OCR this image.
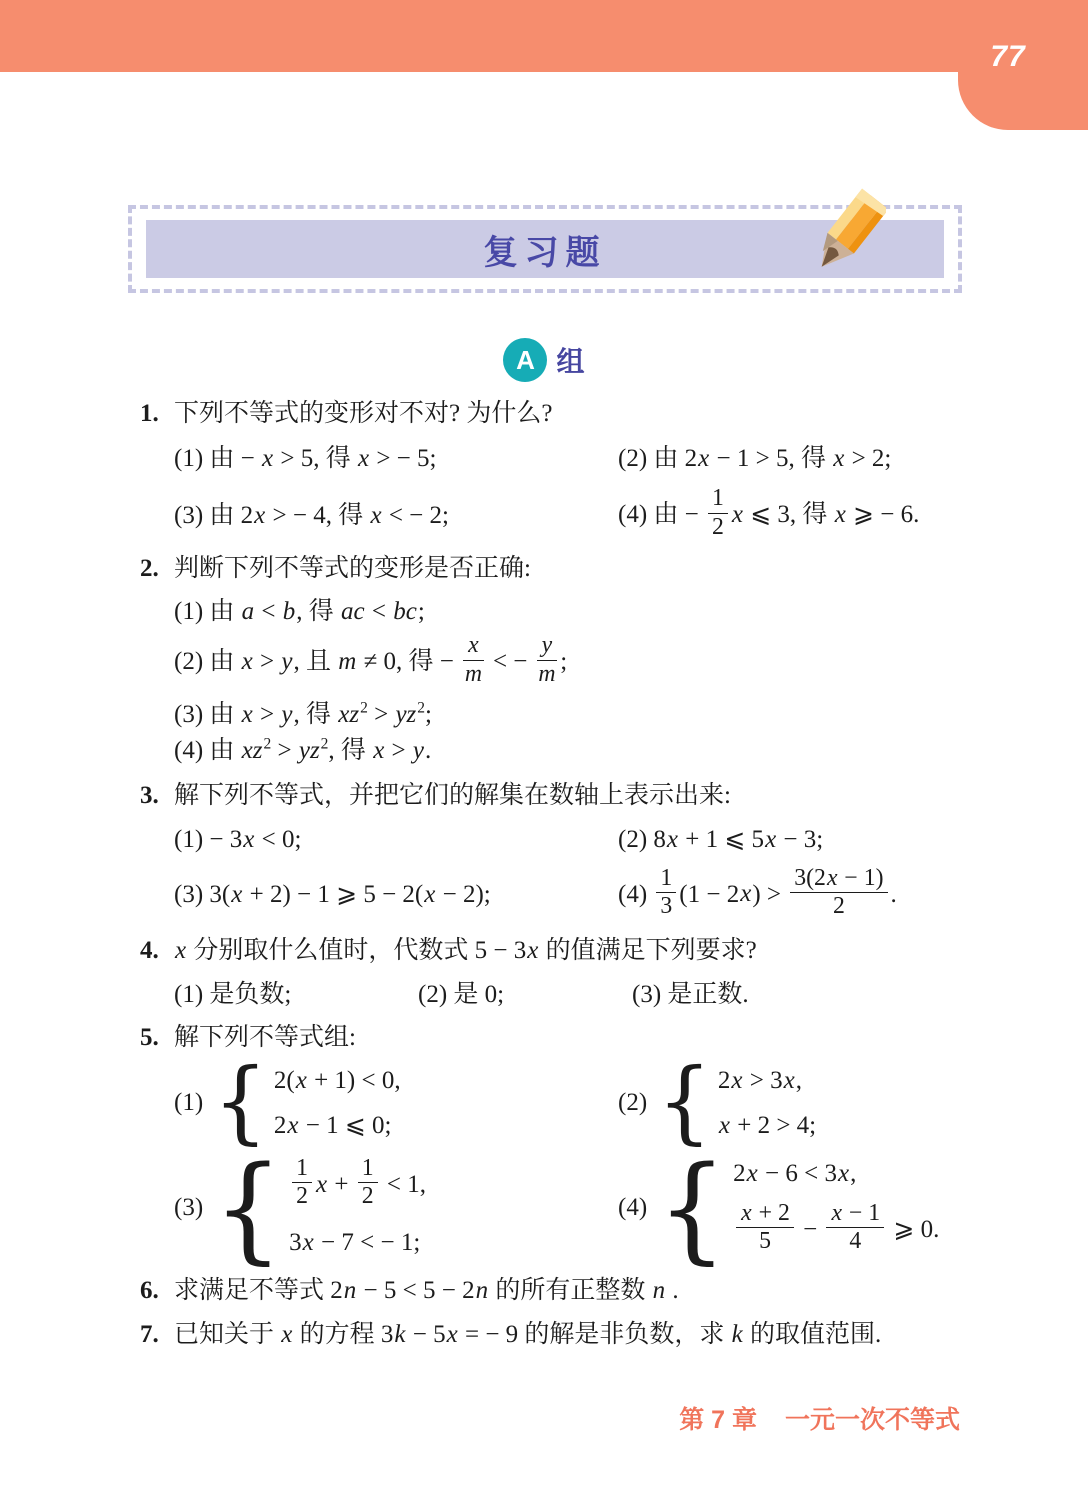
77
复习题
A 组
1. 下列不等式的变形对不对? 为什么?
(1) 由 − x > 5, 得 x > − 5;	(2) 由 2x − 1 > 5, 得 x > 2;
(3) 由 2x > − 4, 得 x < − 2;	(4) 由 − $\frac{1}{2}$ x ⩽ 3, 得 x ⩾ − 6.
2. 判断下列不等式的变形是否正确:
(1) 由 a < b, 得 ac < bc;
(2) 由 x > y, 且 m ≠ 0, 得 − $\frac{x}{m}$ < − $\frac{y}{m}$ ;
(3) 由 x > y, 得 $xz^2 > yz^2$;
(4) 由 $xz^2 > yz^2$, 得 x > y.
3. 解下列不等式，并把它们的解集在数轴上表示出来:
(1) − 3x < 0;	(2) 8x + 1 ⩽ 5x − 3;
(3) 3(x + 2) − 1 ⩾ 5 − 2(x − 2);	$(4) \frac{1}{3} (1 - 2x) > \frac{3(2x - 1)}{2}$ .
4. x 分别取什么值时，代数式 5 − 3x 的值满足下列要求?
(1) 是负数;	(2) 是 0;	(3) 是正数.
5. 解下列不等式组:
(1) { 2(x + 1) < 0,
2x − 1 ⩽ 0;
(2) { 2x > 3x,
x + 2 > 4;
(3) { $\frac{1}{2}$ $x + \frac{1}{2} < 1$,
3x − 7 < − 1;
(4) { 2x − 6 < 3x,
$\frac{x + 2}{5} - \frac{x - 1}{4}$ ⩾ 0.
6. 求满足不等式 2n − 5 < 5 − 2n 的所有正整数 n .
7. 已知关于 x 的方程 3k − 5x = − 9 的解是非负数，求 k 的取值范围.
第 7 章 一元一次不等式
